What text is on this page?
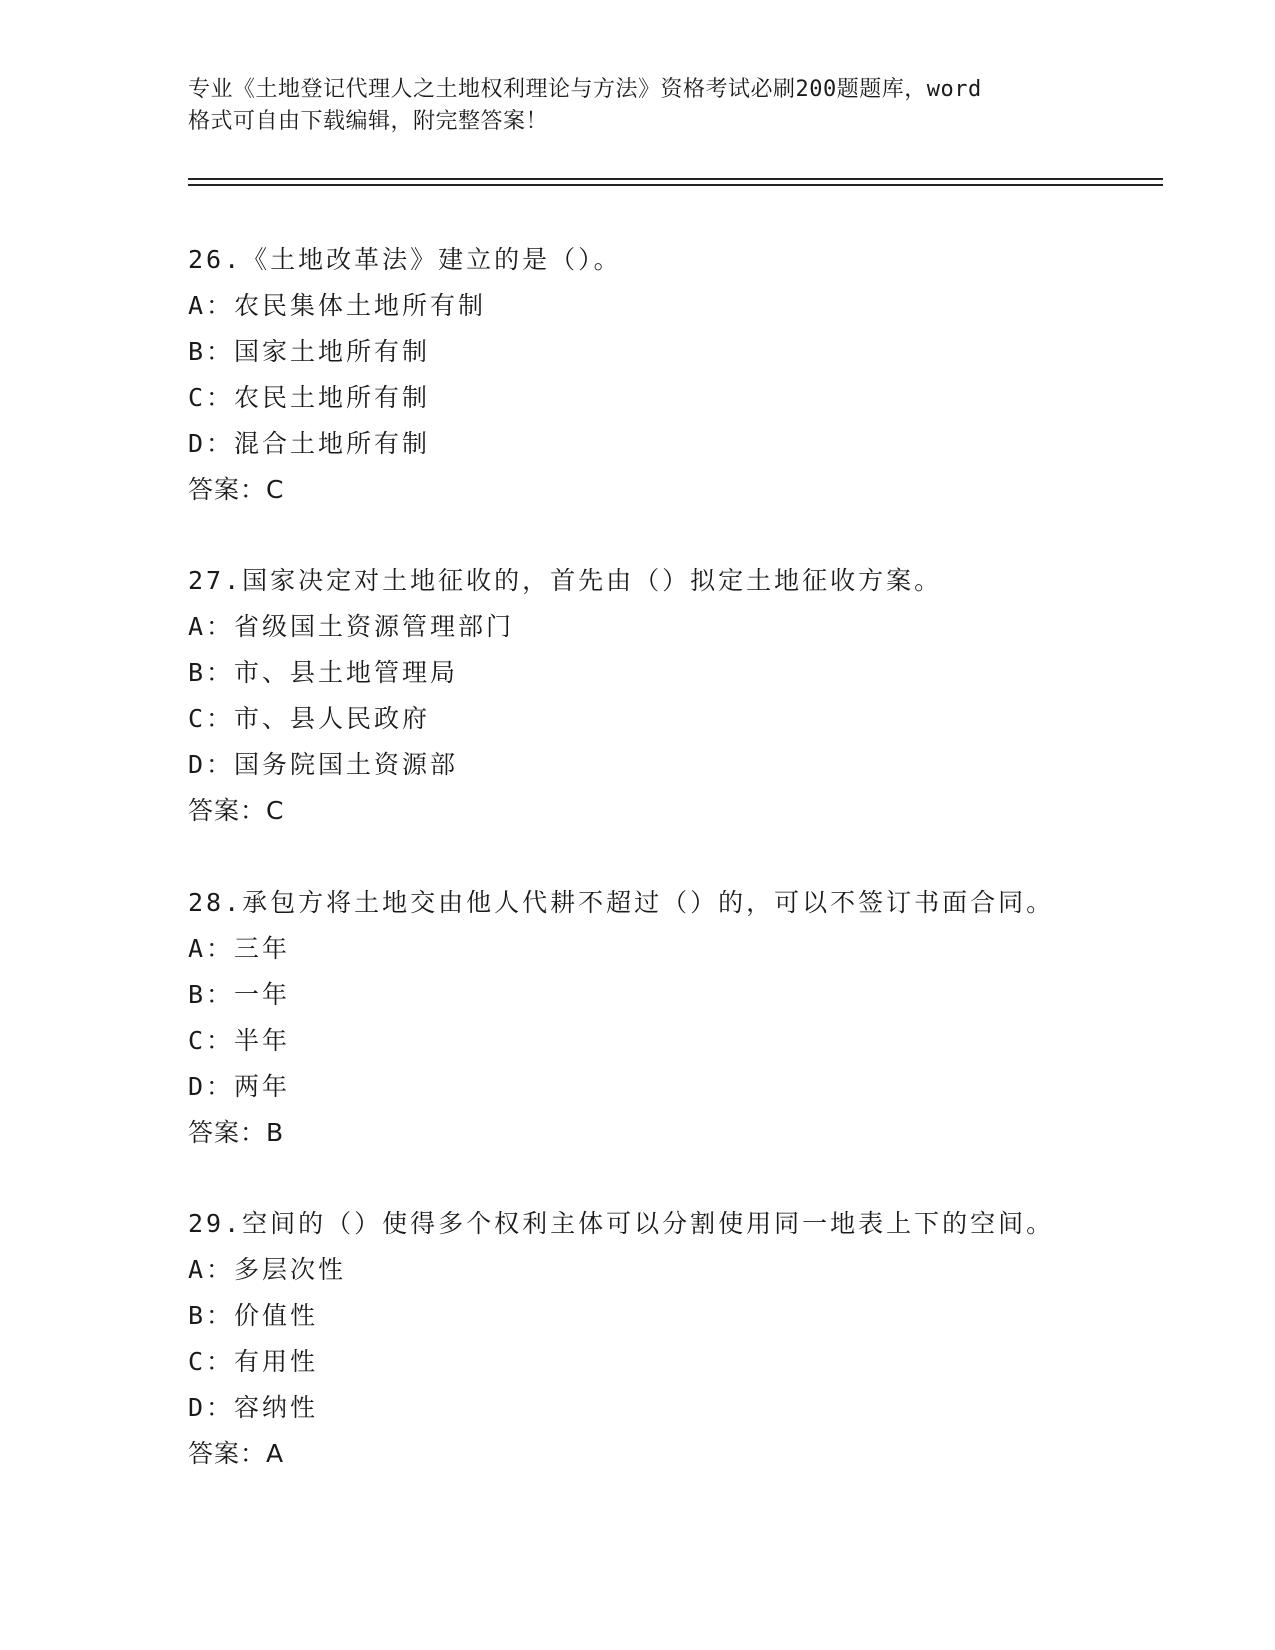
专业《土地登记代理人之土地权利理论与方法》资格考试必刷200题题库，word
格式可自由下载编辑，附完整答案！
26.《土地改革法》建立的是（）。
A：农民集体土地所有制
B：国家土地所有制
C：农民土地所有制
D：混合土地所有制
答案：C
27.国家决定对土地征收的，首先由（）拟定土地征收方案。
A：省级国土资源管理部门
B：市、县土地管理局
C：市、县人民政府
D：国务院国土资源部
答案：C
28.承包方将土地交由他人代耕不超过（）的，可以不签订书面合同。
A：三年
B：一年
C：半年
D：两年
答案：B
29.空间的（）使得多个权利主体可以分割使用同一地表上下的空间。
A：多层次性
B：价值性
C：有用性
D：容纳性
答案：A
